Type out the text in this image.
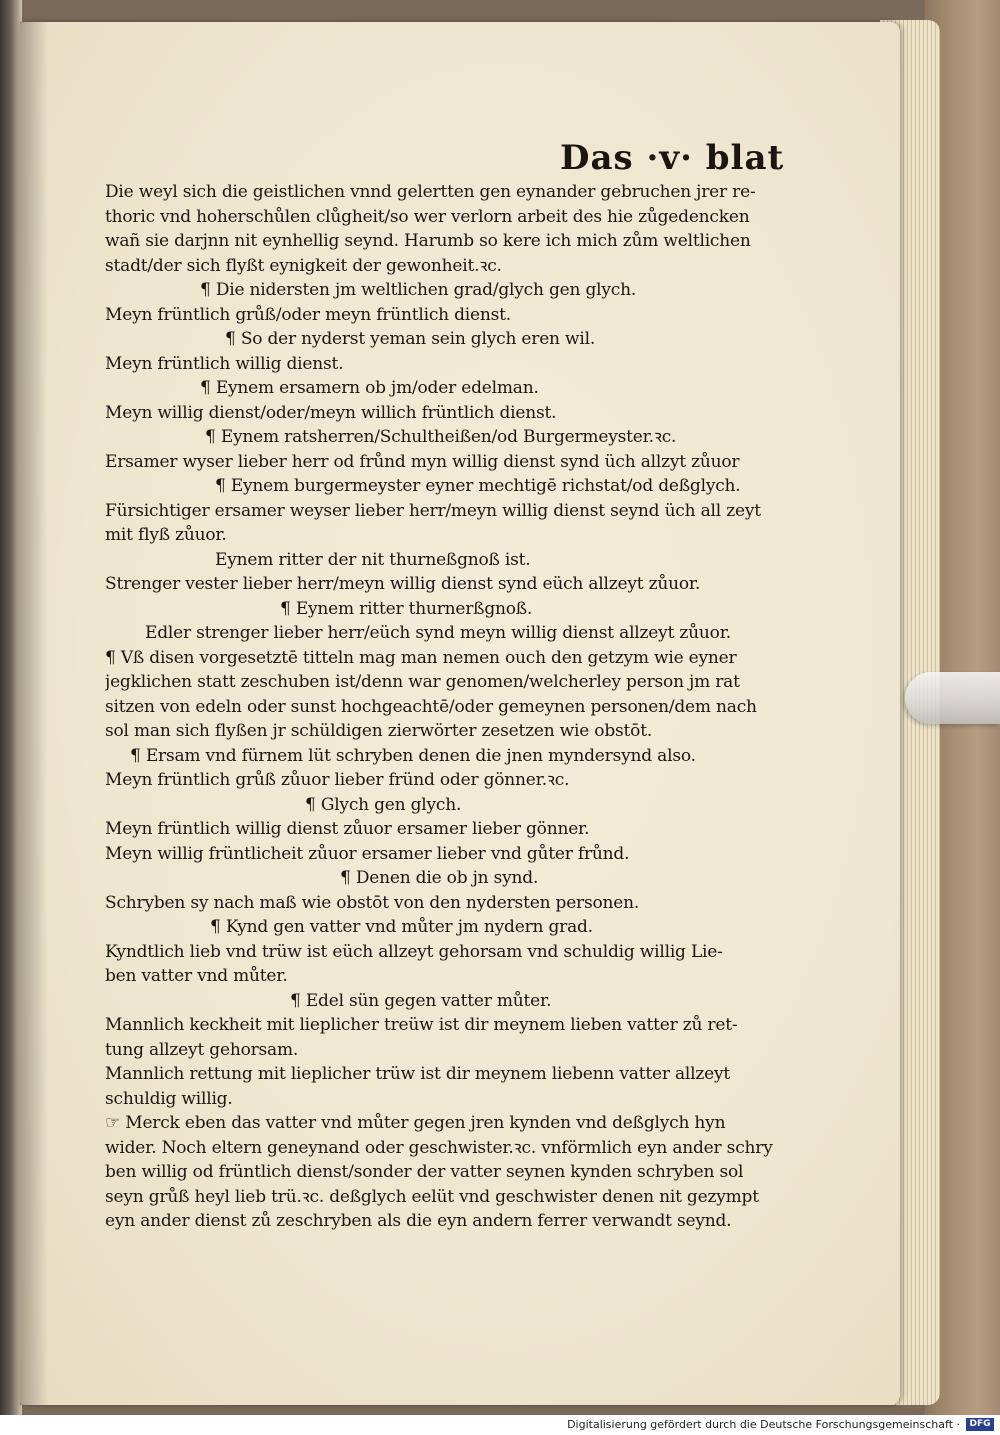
Das ·v· blat
Die weyl sich die geistlichen vnnd gelertten gen eynander gebruchen jrer re-
thoric vnd hoherschůlen clůgheit/so wer verlorn arbeit des hie zůgedencken
wañ sie darjnn nit eynhellig seynd. Harumb so kere ich mich zům weltlichen
stadt/der sich flyßt eynigkeit der gewonheit.ꝛc.
¶ Die nidersten jm weltlichen grad/glych gen glych.
Meyn früntlich grůß/oder meyn früntlich dienst.
¶ So der nyderst yeman sein glych eren wil.
Meyn früntlich willig dienst.
¶ Eynem ersamern ob jm/oder edelman.
Meyn willig dienst/oder/meyn willich früntlich dienst.
¶ Eynem ratsherren/Schultheißen/od Burgermeyster.ꝛc.
Ersamer wyser lieber herr od frůnd myn willig dienst synd üch allzyt zůuor
¶ Eynem burgermeyster eyner mechtigē richstat/od deßglych.
Fürsichtiger ersamer weyser lieber herr/meyn willig dienst seynd üch all zeyt
mit flyß zůuor.
Eynem ritter der nit thurneßgnoß ist.
Strenger vester lieber herr/meyn willig dienst synd eüch allzeyt zůuor.
¶ Eynem ritter thurnerßgnoß.
Edler strenger lieber herr/eüch synd meyn willig dienst allzeyt zůuor.
¶ Vß disen vorgesetztē titteln mag man nemen ouch den getzym wie eyner
jegklichen statt zeschuben ist/denn war genomen/welcherley person jm rat
sitzen von edeln oder sunst hochgeachtē/oder gemeynen personen/dem nach
sol man sich flyßen jr schüldigen zierwörter zesetzen wie obstōt.
¶ Ersam vnd fürnem lüt schryben denen die jnen myndersynd also.
Meyn früntlich grůß zůuor lieber fründ oder gönner.ꝛc.
¶ Glych gen glych.
Meyn früntlich willig dienst zůuor ersamer lieber gönner.
Meyn willig früntlicheit zůuor ersamer lieber vnd gůter frůnd.
¶ Denen die ob jn synd.
Schryben sy nach maß wie obstōt von den nydersten personen.
¶ Kynd gen vatter vnd můter jm nydern grad.
Kyndtlich lieb vnd trüw ist eüch allzeyt gehorsam vnd schuldig willig Lie-
ben vatter vnd můter.
¶ Edel sün gegen vatter můter.
Mannlich keckheit mit lieplicher treüw ist dir meynem lieben vatter zů ret-
tung allzeyt gehorsam.
Mannlich rettung mit lieplicher trüw ist dir meynem liebenn vatter allzeyt
schuldig willig.
☞ Merck eben das vatter vnd můter gegen jren kynden vnd deßglych hyn
wider. Noch eltern geneynand oder geschwister.ꝛc. vnförmlich eyn ander schry
ben willig od früntlich dienst/sonder der vatter seynen kynden schryben sol
seyn grůß heyl lieb trü.ꝛc. deßglych eelüt vnd geschwister denen nit gezympt
eyn ander dienst zů zeschryben als die eyn andern ferrer verwandt seynd.
Digitalisierung gefördert durch die Deutsche Forschungsgemeinschaft ·	DFG
